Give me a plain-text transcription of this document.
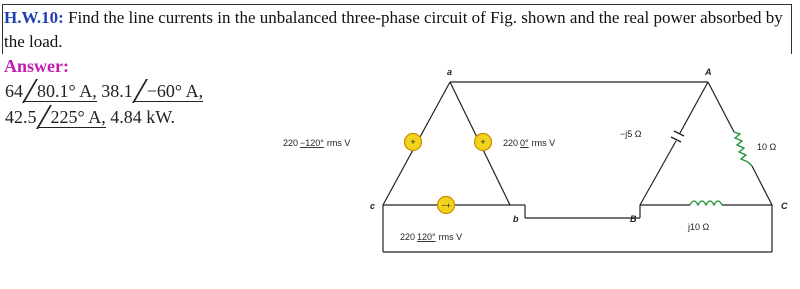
H.W.10: Find the line currents in the unbalanced three-phase circuit of Fig. shown and the real power absorbed by the load.
Answer:
64 80.1° A, 38.1 −60° A,
42.5 225° A, 4.84 kW.
+	+
−+
a
b
c
A
B
C
220 −120° rms V	220 0° rms V
220 120° rms V
−j5 Ω
10 Ω
j10 Ω
